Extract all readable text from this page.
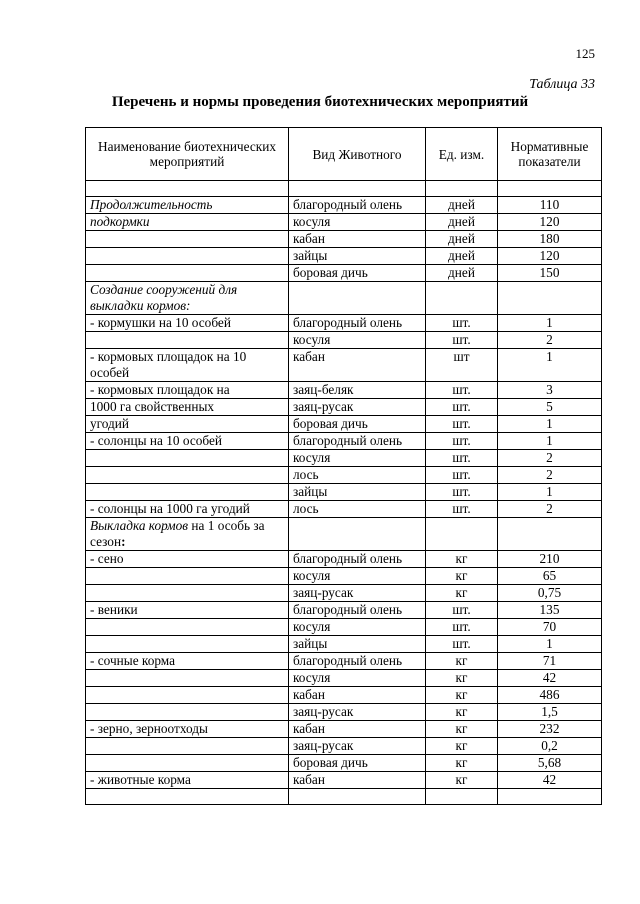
125
Таблица 33
Перечень и нормы проведения биотехнических мероприятий
Наименование биотехнических мероприятий	Вид Животного	Ед. изм.	Нормативные показатели

Продолжительность	благородный олень	дней	110
подкормки	косуля	дней	120
	кабан	дней	180
	зайцы	дней	120
	боровая дичь	дней	150
Создание сооружений для выкладки кормов:			
- кормушки на 10 особей	благородный олень	шт.	1
	косуля	шт.	2
- кормовых площадок на 10 особей	кабан	шт	1
- кормовых площадок на	заяц-беляк	шт.	3
1000 га свойственных	заяц-русак	шт.	5
угодий	боровая дичь	шт.	1
- солонцы на 10 особей	благородный олень	шт.	1
	косуля	шт.	2
	лось	шт.	2
	зайцы	шт.	1
- солонцы на 1000 га угодий	лось	шт.	2
Выкладка кормов на 1 особь за сезон:			
- сено	благородный олень	кг	210
	косуля	кг	65
	заяц-русак	кг	0,75
- веники	благородный олень	шт.	135
	косуля	шт.	70
	зайцы	шт.	1
- сочные корма	благородный олень	кг	71
	косуля	кг	42
	кабан	кг	486
	заяц-русак	кг	1,5
- зерно, зерноотходы	кабан	кг	232
	заяц-русак	кг	0,2
	боровая дичь	кг	5,68
- животные корма	кабан	кг	42
